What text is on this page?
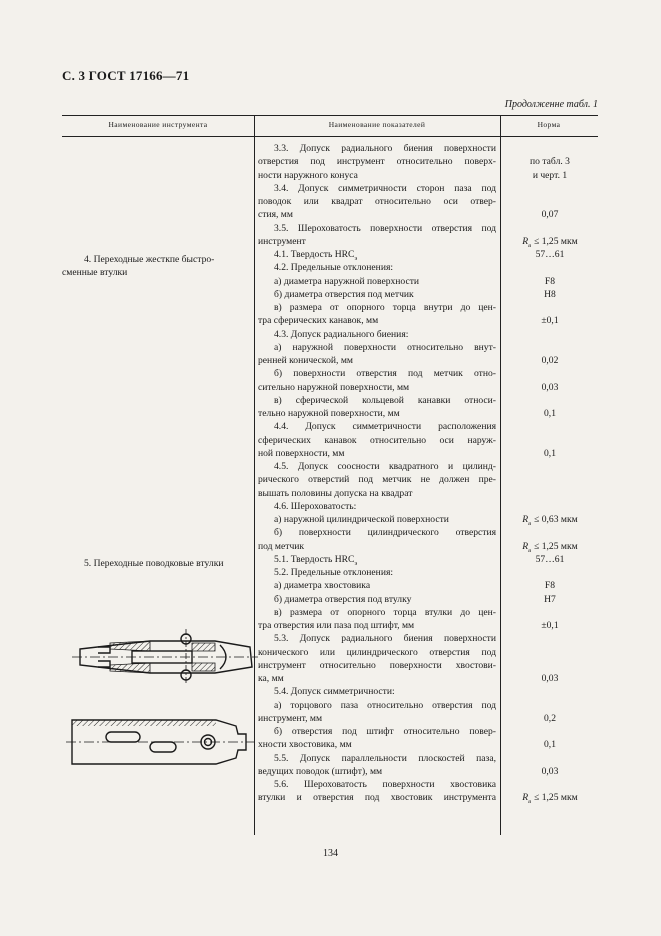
С. 3 ГОСТ 17166—71
Продолженне табл. 1
Наименование инструмента	Наименование показателей	Норма
4. Переходные жесткпе быстро-
сменные втулки
5. Переходные поводковые втулки
3.3. Допуск радиального биения поверхности
отверстия под инструмент относительно поверх-
ности наружного конуса
3.4. Допуск симметричности сторон паза под
поводок или квадрат относительно оси отвер-
стия, мм
3.5. Шероховатость поверхности отверстия под
инструмент
4.1. Твердость $HRC_э$
4.2. Предельные отклонения:
а) диаметра наружной поверхности
б) диаметра отверстия под метчик
в) размера от опорного торца внутри до цен-
тра сферических канавок, мм
4.3. Допуск радиального биения:
а) наружной поверхности относительно внут-
ренней конической, мм
б) поверхности отверстия под метчик отно-
сительно наружной поверхности, мм
в) сферической кольцевой канавки относи-
тельно наружной поверхности, мм
4.4. Допуск симметричности расположения
сферических канавок относительно оси наруж-
ной поверхности, мм
4.5. Допуск соосности квадратного и цилинд-
рического отверстий под метчик не должен пре-
вышать половины допуска на квадрат
4.6. Шероховатость:
а) наружной цилиндрической поверхности
б) поверхности цилиндрического отверстия
под метчик
5.1. Твердость $HRC_э$
5.2. Предельные отклонения:
а) диаметра хвостовика
б) диаметра отверстия под втулку
в) размера от опорного торца втулки до цен-
тра отверстия или паза под штифт, мм
5.3. Допуск радиального биения поверхности
конического или цилиндрического отверстия под
инструмент относительно поверхности хвостови-
ка, мм
5.4. Допуск симметричности:
а) торцового паза относительно отверстия под
инструмент, мм
б) отверстия под штифт относительно повер-
хности хвостовика, мм
5.5. Допуск параллельности плоскостей паза,
ведущих поводок (штифт), мм
5.6. Шероховатость поверхности хвостовика
втулки и отверстия под хвостовик инструмента
по табл. 3
и черт. 1
0,07
$R_a \le 1,25$ мкм
57…61
F8
H8
±0,1
0,02
0,03
0,1
0,1
$R_a \le 0,63$ мкм
$R_a \le 1,25$ мкм
57…61
F8
H7
±0,1
0,03
0,2
0,1
0,03
$R_a \le 1,25$ мкм
134
